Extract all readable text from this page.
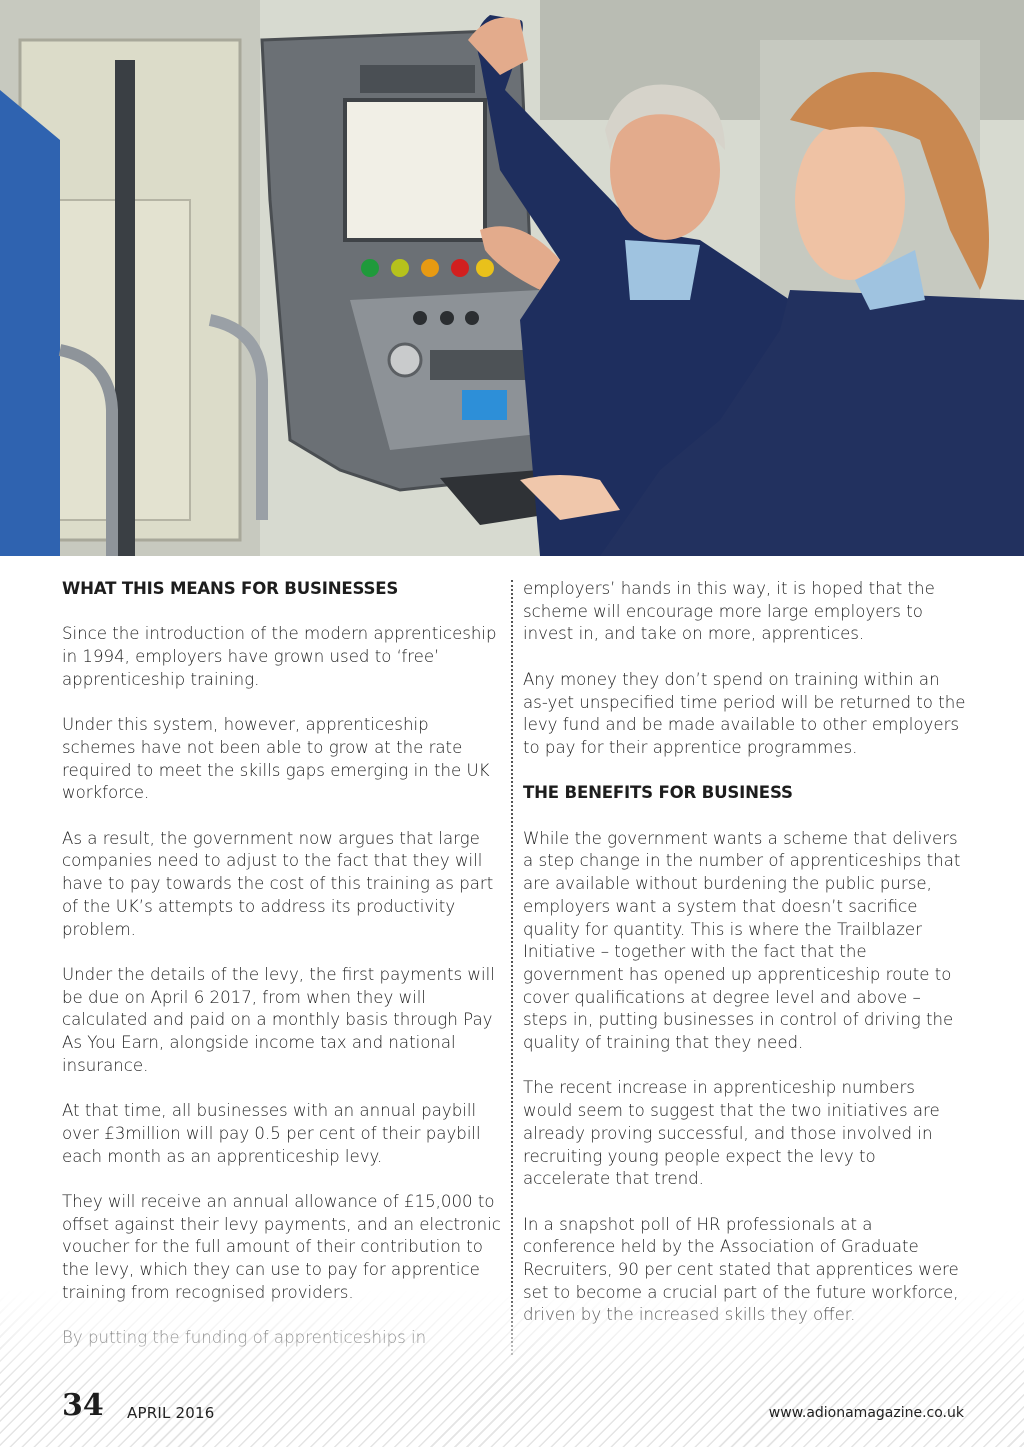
WHAT THIS MEANS FOR BUSINESSES

Since the introduction of the modern apprenticeship in 1994, employers have grown used to ‘free’ apprenticeship training.

Under this system, however, apprenticeship schemes have not been able to grow at the rate required to meet the skills gaps emerging in the UK workforce.

As a result, the government now argues that large companies need to adjust to the fact that they will have to pay towards the cost of this training as part of the UK’s attempts to address its productivity problem.

Under the details of the levy, the first payments will be due on April 6 2017, from when they will calculated and paid on a monthly basis through Pay As You Earn, alongside income tax and national insurance.

At that time, all businesses with an annual paybill over £3million will pay 0.5 per cent of their paybill each month as an apprenticeship levy.

They will receive an annual allowance of £15,000 to offset against their levy payments, and an electronic voucher for the full amount of their contribution to the levy, which they can use to pay for apprentice

employers’ hands in this way, it is hoped that the scheme will encourage more large employers to invest in, and take on more, apprentices.

Any money they don’t spend on training within an as-yet unspecified time period will be returned to the levy fund and be made available to other employers to pay for their apprentice programmes.

THE BENEFITS FOR BUSINESS

While the government wants a scheme that delivers a step change in the number of apprenticeships that are available without burdening the public purse, employers want a system that doesn’t sacrifice quality for quantity. This is where the Trailblazer Initiative – together with the fact that the government has opened up apprenticeship route to cover qualifications at degree level and above – steps in, putting businesses in control of driving the quality of training that they need.

The recent increase in apprenticeship numbers would seem to suggest that the two initiatives are already proving successful, and those involved in recruiting young people expect the levy to accelerate that trend.

In a snapshot poll of HR professionals at a conference held by the Association of Graduate Recruiters, 90 per cent stated that apprentices were

34 APRIL 2016	www.adionamagazine.co.uk
